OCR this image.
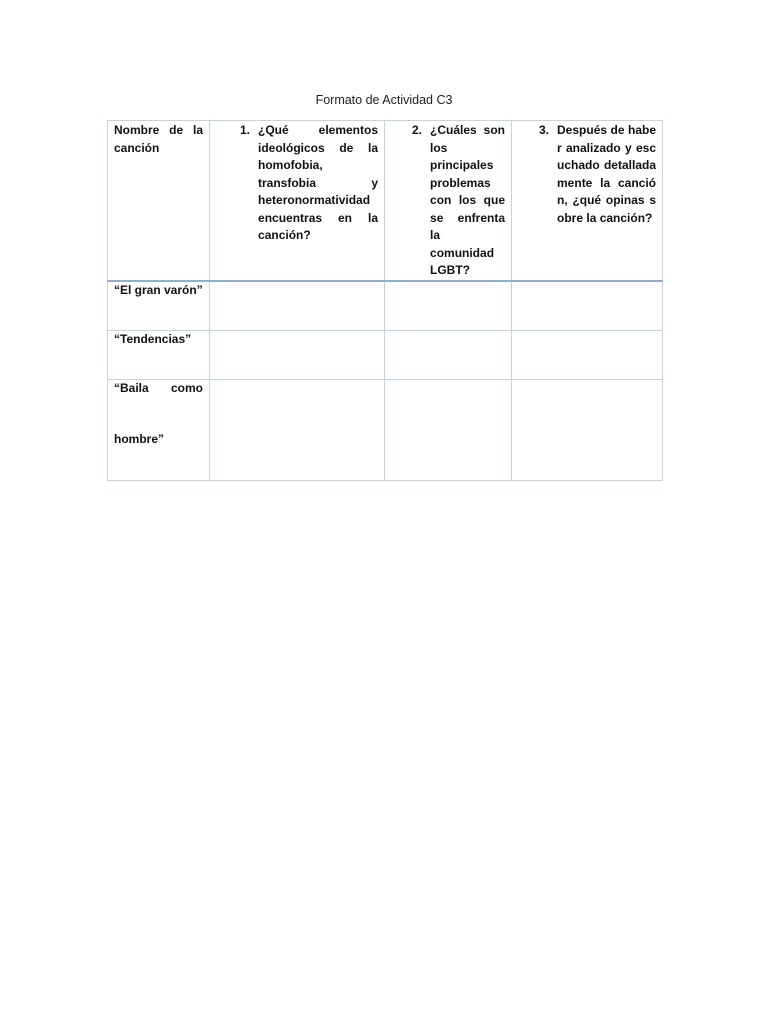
Formato de Actividad C3
Nombre de la canción	1. ¿Qué elementos ideológicos de la homofobia, transfobia y heteronormatividad encuentras en la canción?	2. ¿Cuáles son los principales problemas con los que se enfrenta la comunidad LGBT?	3. Después de haber analizado y escuchado detalladamente la canción, ¿qué opinas sobre la canción?

“El gran varón”			

“Tendencias”			

“Baila como
hombre”			
